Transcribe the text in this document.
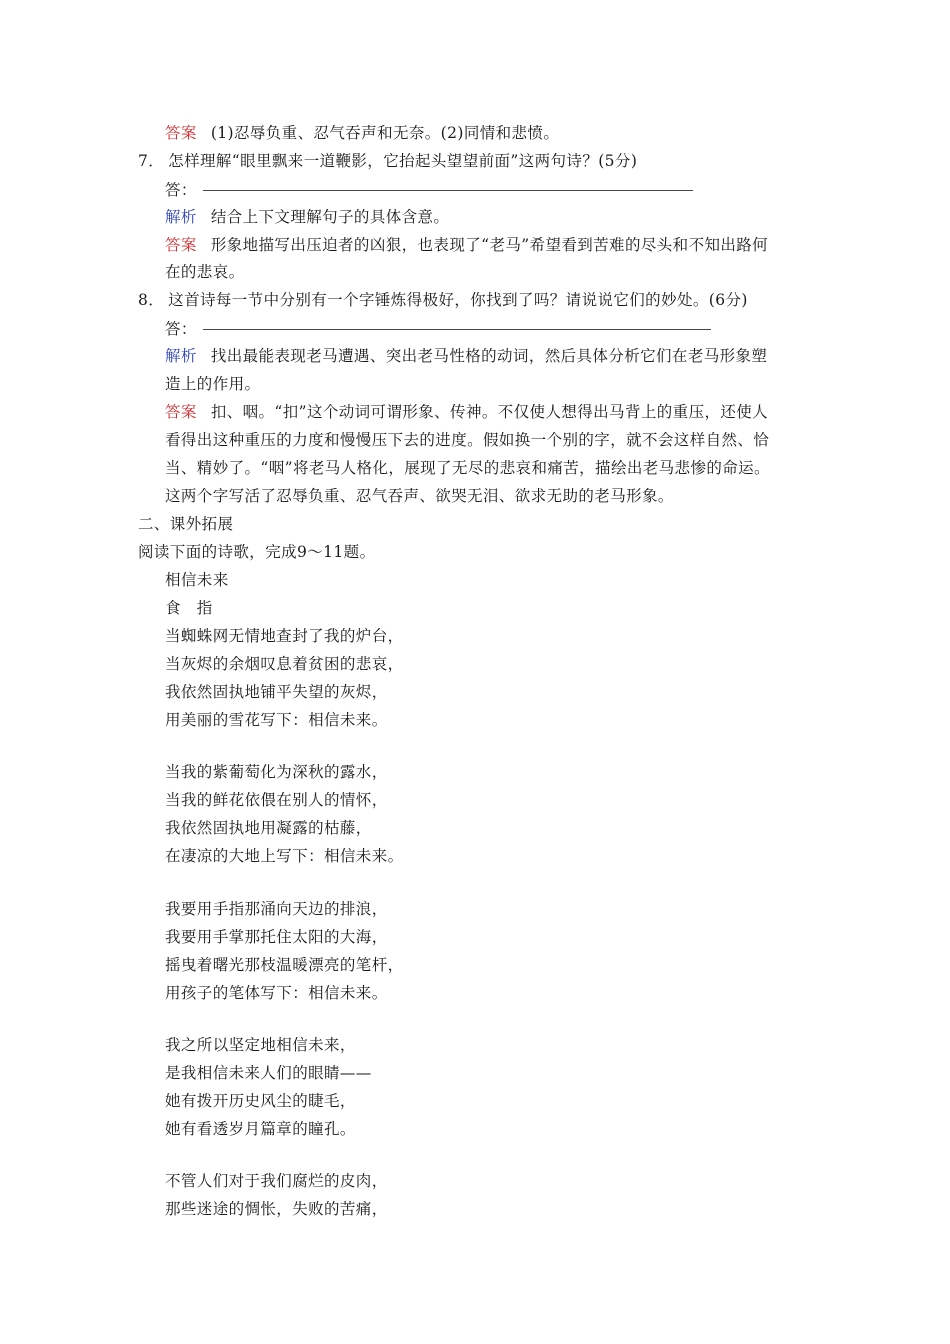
答案 (1)忍辱负重、忍气吞声和无奈。(2)同情和悲愤。
7． 怎样理解“眼里飘来一道鞭影，它抬起头望望前面”这两句诗？(5分)
答：
解析 结合上下文理解句子的具体含意。
答案 形象地描写出压迫者的凶狠，也表现了“老马”希望看到苦难的尽头和不知出路何
在的悲哀。
8． 这首诗每一节中分别有一个字锤炼得极好，你找到了吗？请说说它们的妙处。(6分)
答：
解析 找出最能表现老马遭遇、突出老马性格的动词，然后具体分析它们在老马形象塑
造上的作用。
答案 扣、咽。“扣”这个动词可谓形象、传神。不仅使人想得出马背上的重压，还使人
看得出这种重压的力度和慢慢压下去的进度。假如换一个别的字，就不会这样自然、恰
当、精妙了。“咽”将老马人格化，展现了无尽的悲哀和痛苦，描绘出老马悲惨的命运。
这两个字写活了忍辱负重、忍气吞声、欲哭无泪、欲求无助的老马形象。
二、课外拓展
阅读下面的诗歌，完成9～11题。
相信未来
食　指
当蜘蛛网无情地查封了我的炉台，
当灰烬的余烟叹息着贫困的悲哀，
我依然固执地铺平失望的灰烬，
用美丽的雪花写下：相信未来。
当我的紫葡萄化为深秋的露水，
当我的鲜花依偎在别人的情怀，
我依然固执地用凝露的枯藤，
在凄凉的大地上写下：相信未来。
我要用手指那涌向天边的排浪，
我要用手掌那托住太阳的大海，
摇曳着曙光那枝温暖漂亮的笔杆，
用孩子的笔体写下：相信未来。
我之所以坚定地相信未来，
是我相信未来人们的眼睛——
她有拨开历史风尘的睫毛，
她有看透岁月篇章的瞳孔。
不管人们对于我们腐烂的皮肉，
那些迷途的惆怅，失败的苦痛，
